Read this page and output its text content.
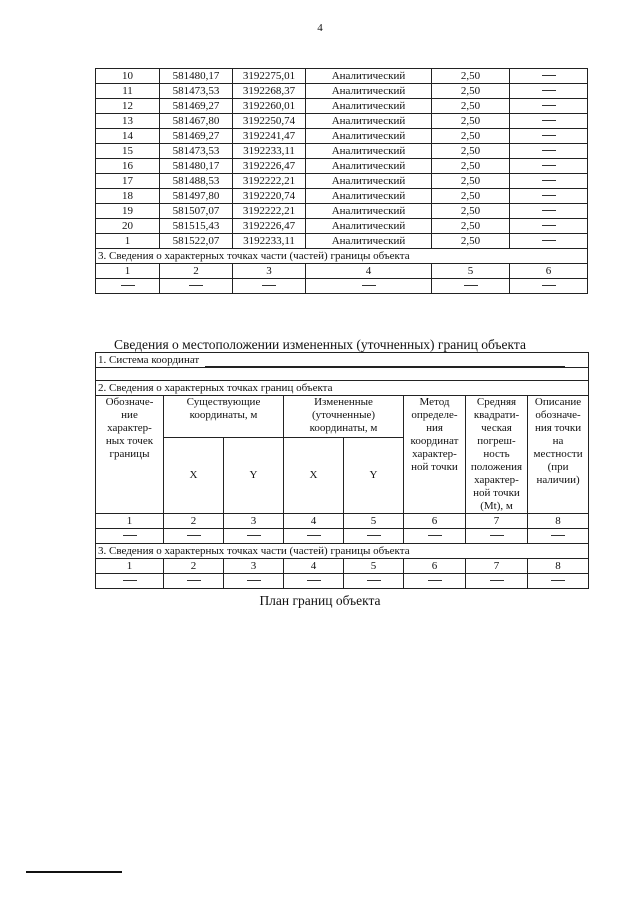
4
10	581480,17	3192275,01	Аналитический	2,50	
11	581473,53	3192268,37	Аналитический	2,50	
12	581469,27	3192260,01	Аналитический	2,50	
13	581467,80	3192250,74	Аналитический	2,50	
14	581469,27	3192241,47	Аналитический	2,50	
15	581473,53	3192233,11	Аналитический	2,50	
16	581480,17	3192226,47	Аналитический	2,50	
17	581488,53	3192222,21	Аналитический	2,50	
18	581497,80	3192220,74	Аналитический	2,50	
19	581507,07	3192222,21	Аналитический	2,50	
20	581515,43	3192226,47	Аналитический	2,50	
1	581522,07	3192233,11	Аналитический	2,50	
3. Сведения о характерных точках части (частей) границы объекта					
1	2	3	4	5	6

Сведения о местоположении измененных (уточненных) границ объекта
1. Система координат							

2. Сведения о характерных точках границ объекта							
Обозначе-ние характер-ных точек границы	Существующие координаты, м		Измененные (уточненные) координаты, м		Метод определе-ния координат характер-ной точки	Средняя квадрати-ческая погреш-ность положения характер-ной точки (Mt), м	Описание обозначе-ния точки на местности (при наличии)
	X	Y	X	Y			
1	2	3	4	5	6	7	8

3. Сведения о характерных точках части (частей) границы объекта							
1	2	3	4	5	6	7	8

План границ объекта
